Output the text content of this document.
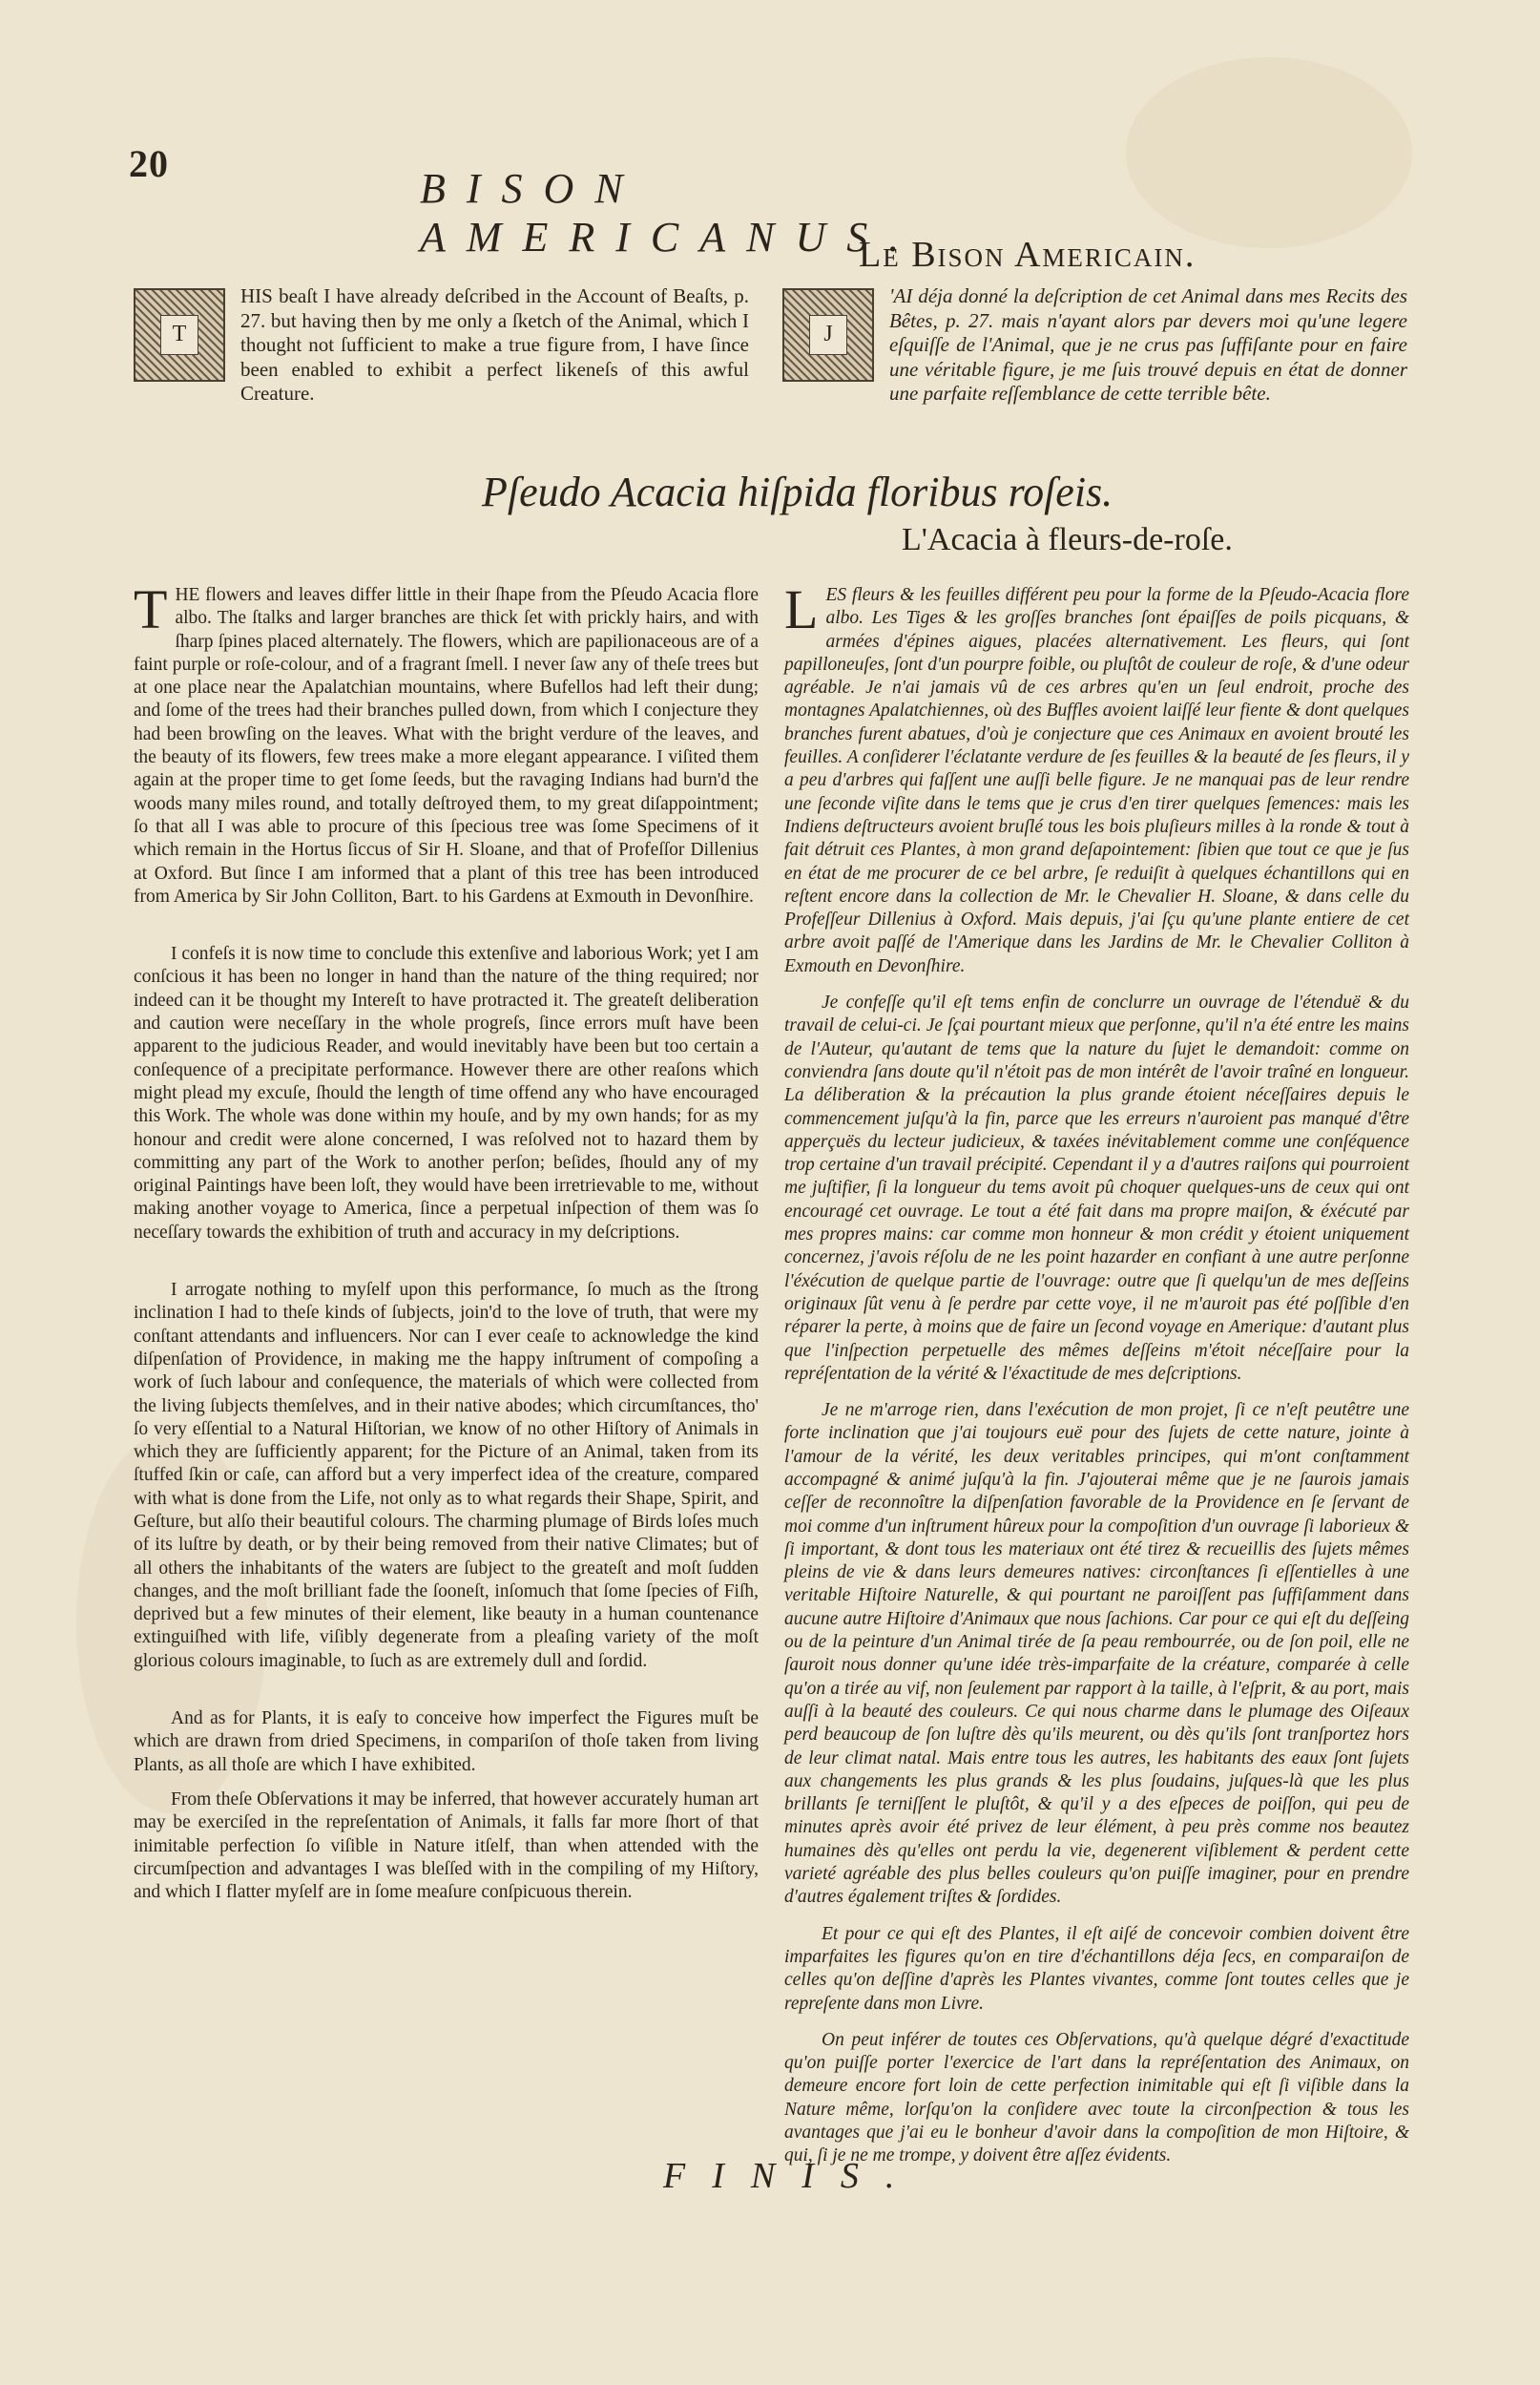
20
BISON AMERICANUS.
Le Bison Americain.
T
HIS beaſt I have already deſcribed in the Account of Beaſts, p. 27. but having then by me only a ſketch of the Animal, which I thought not ſufficient to make a true figure from, I have ſince been enabled to exhibit a perfect likeneſs of this awful Creature.
J
'AI déja donné la deſcription de cet Animal dans mes Recits des Bêtes, p. 27. mais n'ayant alors par devers moi qu'une legere eſquiſſe de l'Animal, que je ne crus pas ſuffiſante pour en faire une véritable figure, je me ſuis trouvé depuis en état de donner une parfaite reſſemblance de cette terrible bête.
Pſeudo Acacia hiſpida floribus roſeis.
L'Acacia à fleurs-de-roſe.

THE flowers and leaves differ little in their ſhape from the Pſeudo Acacia flore albo. The ſtalks and larger branches are thick ſet with prickly hairs, and with ſharp ſpines placed alternately. The flowers, which are papilionaceous are of a faint purple or roſe-colour, and of a fragrant ſmell. I never ſaw any of theſe trees but at one place near the Apalatchian mountains, where Bufellos had left their dung; and ſome of the trees had their branches pulled down, from which I conjecture they had been browſing on the leaves. What with the bright verdure of the leaves, and the beauty of its flowers, few trees make a more elegant appearance. I viſited them again at the proper time to get ſome ſeeds, but the ravaging Indians had burn'd the woods many miles round, and totally deſtroyed them, to my great diſappointment; ſo that all I was able to procure of this ſpecious tree was ſome Specimens of it which remain in the Hortus ſiccus of Sir H. Sloane, and that of Profeſſor Dillenius at Oxford. But ſince I am informed that a plant of this tree has been introduced from America by Sir John Colliton, Bart. to his Gardens at Exmouth in Devonſhire.

I confeſs it is now time to conclude this extenſive and laborious Work; yet I am conſcious it has been no longer in hand than the nature of the thing required; nor indeed can it be thought my Intereſt to have protracted it. The greateſt deliberation and caution were neceſſary in the whole progreſs, ſince errors muſt have been apparent to the judicious Reader, and would inevitably have been but too certain a conſequence of a precipitate performance. However there are other reaſons which might plead my excuſe, ſhould the length of time offend any who have encouraged this Work. The whole was done within my houſe, and by my own hands; for as my honour and credit were alone concerned, I was reſolved not to hazard them by committing any part of the Work to another perſon; beſides, ſhould any of my original Paintings have been loſt, they would have been irretrievable to me, without making another voyage to America, ſince a perpetual inſpection of them was ſo neceſſary towards the exhibition of truth and accuracy in my deſcriptions.

I arrogate nothing to myſelf upon this performance, ſo much as the ſtrong inclination I had to theſe kinds of ſubjects, join'd to the love of truth, that were my conſtant attendants and influencers. Nor can I ever ceaſe to acknowledge the kind diſpenſation of Providence, in making me the happy inſtrument of compoſing a work of ſuch labour and conſequence, the materials of which were collected from the living ſubjects themſelves, and in their native abodes; which circumſtances, tho' ſo very eſſential to a Natural Hiſtorian, we know of no other Hiſtory of Animals in which they are ſufficiently apparent; for the Picture of an Animal, taken from its ſtuffed ſkin or caſe, can afford but a very imperfect idea of the creature, compared with what is done from the Life, not only as to what regards their Shape, Spirit, and Geſture, but alſo their beautiful colours. The charming plumage of Birds loſes much of its luſtre by death, or by their being removed from their native Climates; but of all others the inhabitants of the waters are ſubject to the greateſt and moſt ſudden changes, and the moſt brilliant fade the ſooneſt, inſomuch that ſome ſpecies of Fiſh, deprived but a few minutes of their element, like beauty in a human countenance extinguiſhed with life, viſibly degenerate from a pleaſing variety of the moſt glorious colours imaginable, to ſuch as are extremely dull and ſordid.

And as for Plants, it is eaſy to conceive how imperfect the Figures muſt be which are drawn from dried Specimens, in compariſon of thoſe taken from living Plants, as all thoſe are which I have exhibited.

From theſe Obſervations it may be inferred, that however accurately human art may be exerciſed in the repreſentation of Animals, it falls far more ſhort of that inimitable perfection ſo viſible in Nature itſelf, than when attended with the circumſpection and advantages I was bleſſed with in the compiling of my Hiſtory, and which I flatter myſelf are in ſome meaſure conſpicuous therein.

LES fleurs & les feuilles différent peu pour la forme de la Pſeudo-Acacia flore albo. Les Tiges & les groſſes branches ſont épaiſſes de poils picquans, & armées d'épines aigues, placées alternativement. Les fleurs, qui ſont papilloneuſes, ſont d'un pourpre foible, ou pluſtôt de couleur de roſe, & d'une odeur agréable. Je n'ai jamais vû de ces arbres qu'en un ſeul endroit, proche des montagnes Apalatchiennes, où des Buffles avoient laiſſé leur fiente & dont quelques branches furent abatues, d'où je conjecture que ces Animaux en avoient brouté les feuilles. A conſiderer l'éclatante verdure de ſes feuilles & la beauté de ſes fleurs, il y a peu d'arbres qui faſſent une auſſi belle figure. Je ne manquai pas de leur rendre une ſeconde viſite dans le tems que je crus d'en tirer quelques ſemences: mais les Indiens deſtructeurs avoient bruſlé tous les bois pluſieurs milles à la ronde & tout à fait détruit ces Plantes, à mon grand deſapointement: ſibien que tout ce que je ſus en état de me procurer de ce bel arbre, ſe reduiſit à quelques échantillons qui en reſtent encore dans la collection de Mr. le Chevalier H. Sloane, & dans celle du Profeſſeur Dillenius à Oxford. Mais depuis, j'ai ſçu qu'une plante entiere de cet arbre avoit paſſé de l'Amerique dans les Jardins de Mr. le Chevalier Colliton à Exmouth en Devonſhire.

Je confeſſe qu'il eſt tems enfin de conclurre un ouvrage de l'étenduë & du travail de celui-ci. Je ſçai pourtant mieux que perſonne, qu'il n'a été entre les mains de l'Auteur, qu'autant de tems que la nature du ſujet le demandoit: comme on conviendra ſans doute qu'il n'étoit pas de mon intérêt de l'avoir traîné en longueur. La déliberation & la précaution la plus grande étoient néceſſaires depuis le commencement juſqu'à la fin, parce que les erreurs n'auroient pas manqué d'être apperçuës du lecteur judicieux, & taxées inévitablement comme une conſéquence trop certaine d'un travail précipité. Cependant il y a d'autres raiſons qui pourroient me juſtifier, ſi la longueur du tems avoit pû choquer quelques-uns de ceux qui ont encouragé cet ouvrage. Le tout a été fait dans ma propre maiſon, & éxécuté par mes propres mains: car comme mon honneur & mon crédit y étoient uniquement concernez, j'avois réſolu de ne les point hazarder en confiant à une autre perſonne l'éxécution de quelque partie de l'ouvrage: outre que ſi quelqu'un de mes deſſeins originaux ſût venu à ſe perdre par cette voye, il ne m'auroit pas été poſſible d'en réparer la perte, à moins que de faire un ſecond voyage en Amerique: d'autant plus que l'inſpection perpetuelle des mêmes deſſeins m'étoit néceſſaire pour la repréſentation de la vérité & l'éxactitude de mes deſcriptions.

Je ne m'arroge rien, dans l'exécution de mon projet, ſi ce n'eſt peutêtre une forte inclination que j'ai toujours euë pour des ſujets de cette nature, jointe à l'amour de la vérité, les deux veritables principes, qui m'ont conſtamment accompagné & animé juſqu'à la fin. J'ajouterai même que je ne ſaurois jamais ceſſer de reconnoître la diſpenſation favorable de la Providence en ſe ſervant de moi comme d'un inſtrument hûreux pour la compoſition d'un ouvrage ſi laborieux & ſi important, & dont tous les materiaux ont été tirez & recueillis des ſujets mêmes pleins de vie & dans leurs demeures natives: circonſtances ſi eſſentielles à une veritable Hiſtoire Naturelle, & qui pourtant ne paroiſſent pas ſuffiſamment dans aucune autre Hiſtoire d'Animaux que nous ſachions. Car pour ce qui eſt du deſſeing ou de la peinture d'un Animal tirée de ſa peau rembourrée, ou de ſon poil, elle ne ſauroit nous donner qu'une idée très-imparfaite de la créature, comparée à celle qu'on a tirée au vif, non ſeulement par rapport à la taille, à l'eſprit, & au port, mais auſſi à la beauté des couleurs. Ce qui nous charme dans le plumage des Oiſeaux perd beaucoup de ſon luſtre dès qu'ils meurent, ou dès qu'ils ſont tranſportez hors de leur climat natal. Mais entre tous les autres, les habitants des eaux ſont ſujets aux changements les plus grands & les plus ſoudains, juſques-là que les plus brillants ſe terniſſent le pluſtôt, & qu'il y a des eſpeces de poiſſon, qui peu de minutes après avoir été privez de leur élément, à peu près comme nos beautez humaines dès qu'elles ont perdu la vie, degenerent viſiblement & perdent cette varieté agréable des plus belles couleurs qu'on puiſſe imaginer, pour en prendre d'autres également triſtes & ſordides.

Et pour ce qui eſt des Plantes, il eſt aiſé de concevoir combien doivent être imparfaites les figures qu'on en tire d'échantillons déja ſecs, en comparaiſon de celles qu'on deſſine d'après les Plantes vivantes, comme ſont toutes celles que je repreſente dans mon Livre.

On peut inférer de toutes ces Obſervations, qu'à quelque dégré d'exactitude qu'on puiſſe porter l'exercice de l'art dans la repréſentation des Animaux, on demeure encore fort loin de cette perfection inimitable qui eſt ſi viſible dans la Nature même, lorſqu'on la conſidere avec toute la circonſpection & tous les avantages que j'ai eu le bonheur d'avoir dans la compoſition de mon Hiſtoire, & qui, ſi je ne me trompe, y doivent être aſſez évidents.

FINIS.
